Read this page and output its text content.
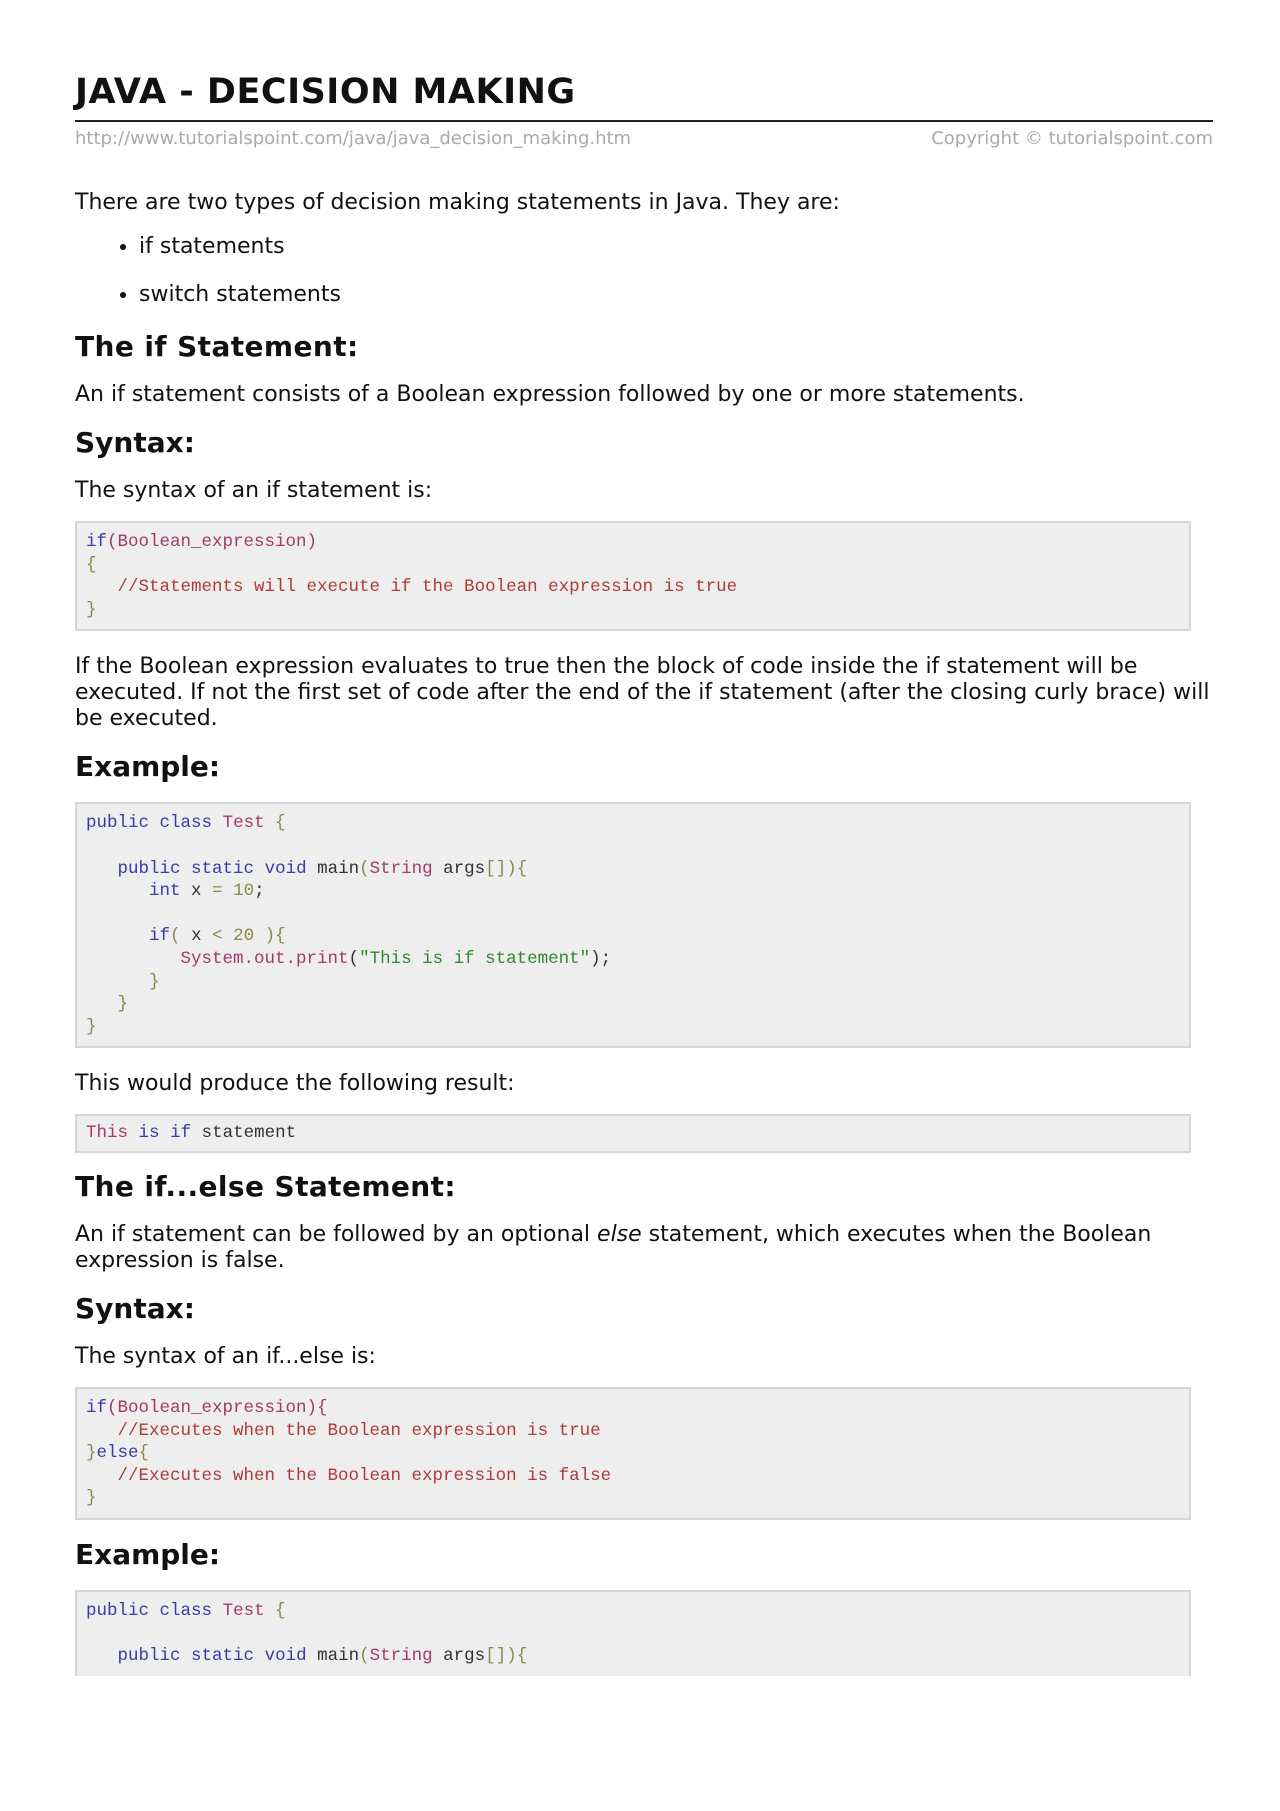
JAVA - DECISION MAKING
http://www.tutorialspoint.com/java/java_decision_making.htm	Copyright © tutorialspoint.com

There are two types of decision making statements in Java. They are:

• if statements
• switch statements
The if Statement:

An if statement consists of a Boolean expression followed by one or more statements.

Syntax:

The syntax of an if statement is:

if(Boolean_expression)
{
//Statements will execute if the Boolean expression is true
}

If the Boolean expression evaluates to true then the block of code inside the if statement will be executed. If not the first set of code after the end of the if statement (after the closing curly brace) will be executed.

Example:
public class Test {

public static void main(String args[]){
int x = 10;

if( x < 20 ){
System.out.print("This is if statement");
}
}
}

This would produce the following result:

This is if statement
The if...else Statement:

An if statement can be followed by an optional else statement, which executes when the Boolean expression is false.

Syntax:

The syntax of an if...else is:

if(Boolean_expression){
//Executes when the Boolean expression is true
}else{
//Executes when the Boolean expression is false
}
Example:
public class Test {

public static void main(String args[]){
